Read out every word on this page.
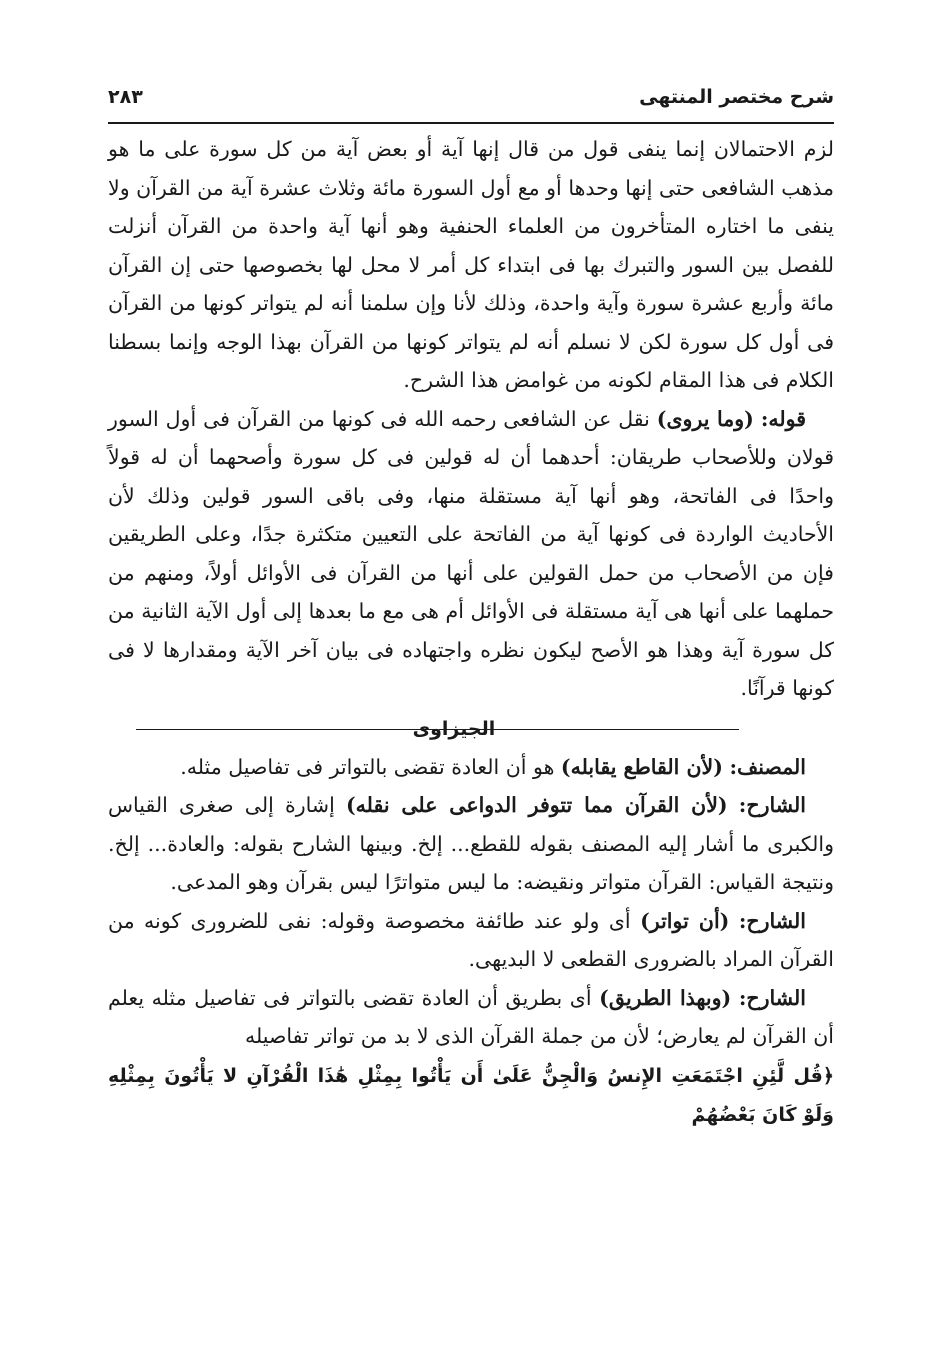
شرح مختصر المنتهى
٢٨٣

لزم الاحتمالان إنما ينفى قول من قال إنها آية أو بعض آية من كل سورة على ما هو مذهب الشافعى حتى إنها وحدها أو مع أول السورة مائة وثلاث عشرة آية من القرآن ولا ينفى ما اختاره المتأخرون من العلماء الحنفية وهو أنها آية واحدة من القرآن أنزلت للفصل بين السور والتبرك بها فى ابتداء كل أمر لا محل لها بخصوصها حتى إن القرآن مائة وأربع عشرة سورة وآية واحدة، وذلك لأنا وإن سلمنا أنه لم يتواتر كونها من القرآن فى أول كل سورة لكن لا نسلم أنه لم يتواتر كونها من القرآن بهذا الوجه وإنما بسطنا الكلام فى هذا المقام لكونه من غوامض هذا الشرح.

قوله: (وما يروى) نقل عن الشافعى رحمه الله فى كونها من القرآن فى أول السور قولان وللأصحاب طريقان: أحدهما أن له قولين فى كل سورة وأصحهما أن له قولاً واحدًا فى الفاتحة، وهو أنها آية مستقلة منها، وفى باقى السور قولين وذلك لأن الأحاديث الواردة فى كونها آية من الفاتحة على التعيين متكثرة جدًا، وعلى الطريقين فإن من الأصحاب من حمل القولين على أنها من القرآن فى الأوائل أولاً، ومنهم من حملهما على أنها هى آية مستقلة فى الأوائل أم هى مع ما بعدها إلى أول الآية الثانية من كل سورة آية وهذا هو الأصح ليكون نظره واجتهاده فى بيان آخر الآية ومقدارها لا فى كونها قرآنًا.

الجيزاوى

المصنف: (لأن القاطع يقابله) هو أن العادة تقضى بالتواتر فى تفاصيل مثله.

الشارح: (لأن القرآن مما تتوفر الدواعى على نقله) إشارة إلى صغرى القياس والكبرى ما أشار إليه المصنف بقوله للقطع... إلخ. وبينها الشارح بقوله: والعادة... إلخ. ونتيجة القياس: القرآن متواتر ونقيضه: ما ليس متواترًا ليس بقرآن وهو المدعى.

الشارح: (أن تواتر) أى ولو عند طائفة مخصوصة وقوله: نفى للضرورى كونه من القرآن المراد بالضرورى القطعى لا البديهى.

الشارح: (وبهذا الطريق) أى بطريق أن العادة تقضى بالتواتر فى تفاصيل مثله يعلم أن القرآن لم يعارض؛ لأن من جملة القرآن الذى لا بد من تواتر تفاصيله

﴿قُل لَّئِنِ اجْتَمَعَتِ الإِنسُ وَالْجِنُّ عَلَىٰ أَن يَأْتُوا بِمِثْلِ هَٰذَا الْقُرْآنِ لا يَأْتُونَ بِمِثْلِهِ وَلَوْ كَانَ بَعْضُهُمْ
